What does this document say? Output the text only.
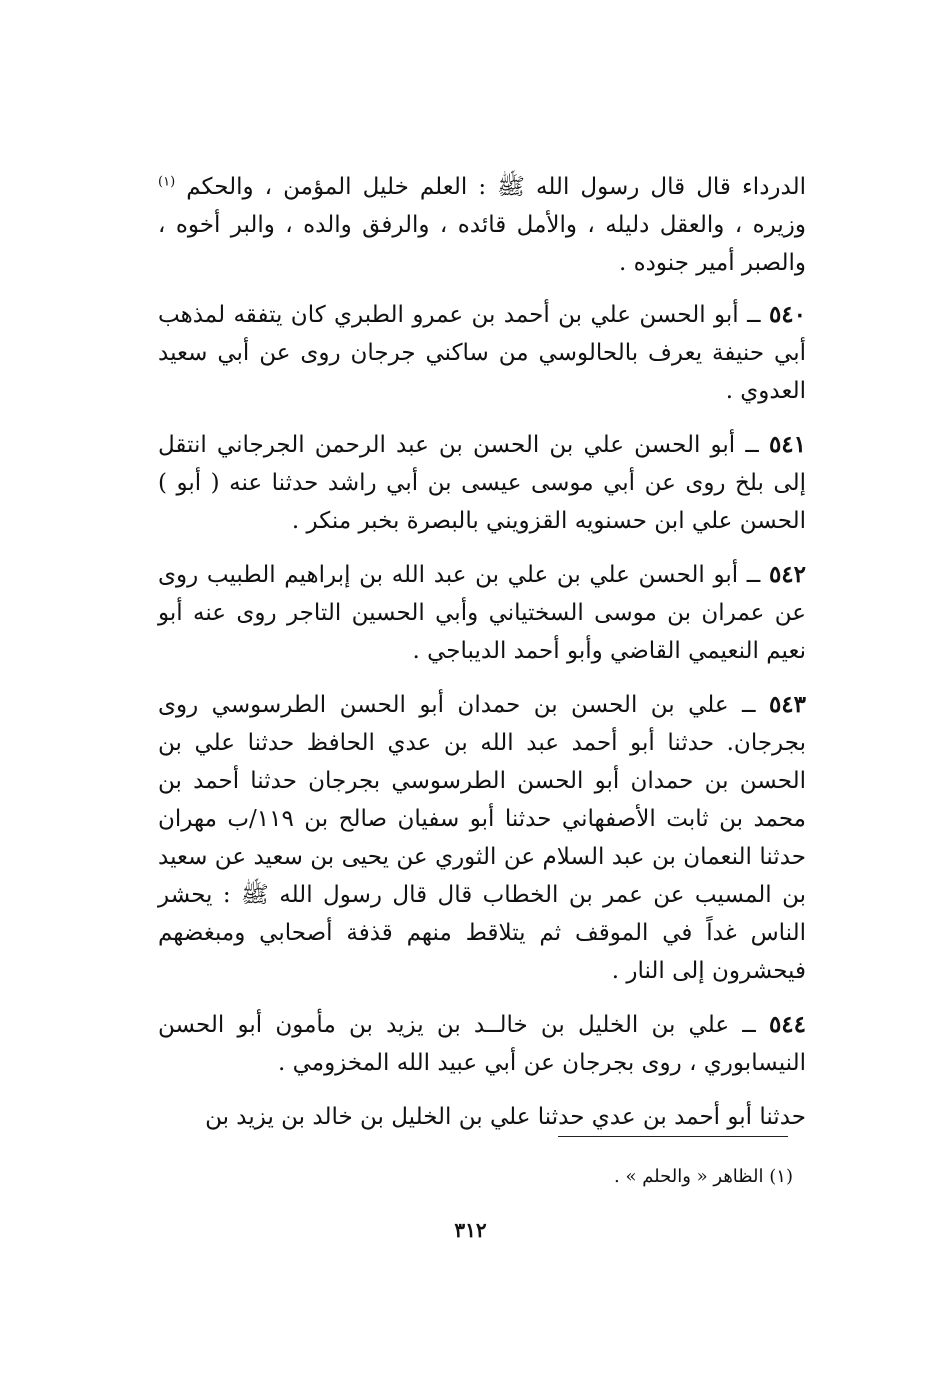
الدرداء قال قال رسول الله ﷺ : العلم خليل المؤمن ، والحكم $^{(١)}$ وزيره ، والعقل دليله ، والأمل قائده ، والرفق والده ، والبر أخوه ، والصبر أمير جنوده .

٥٤٠ ــ أبو الحسن علي بن أحمد بن عمرو الطبري كان يتفقه لمذهب أبي حنيفة يعرف بالحالوسي من ساكني جرجان روى عن أبي سعيد العدوي .

٥٤١ ــ أبو الحسن علي بن الحسن بن عبد الرحمن الجرجاني انتقل إلى بلخ روى عن أبي موسى عيسى بن أبي راشد حدثنا عنه ( أبو ) الحسن علي ابن حسنويه القزويني بالبصرة بخبر منكر .

٥٤٢ ــ أبو الحسن علي بن علي بن عبد الله بن إبراهيم الطبيب روى عن عمران بن موسى السختياني وأبي الحسين التاجر روى عنه أبو نعيم النعيمي القاضي وأبو أحمد الديباجي .

٥٤٣ ــ علي بن الحسن بن حمدان أبو الحسن الطرسوسي روى بجرجان. حدثنا أبو أحمد عبد الله بن عدي الحافظ حدثنا علي بن الحسن بن حمدان أبو الحسن الطرسوسي بجرجان حدثنا أحمد بن محمد بن ثابت الأصفهاني حدثنا أبو سفيان صالح بن ١١٩/ب مهران حدثنا النعمان بن عبد السلام عن الثوري عن يحيى بن سعيد عن سعيد بن المسيب عن عمر بن الخطاب قال قال رسول الله ﷺ : يحشر الناس غداً في الموقف ثم يتلاقط منهم قذفة أصحابي ومبغضهم فيحشرون إلى النار .

٥٤٤ ــ علي بن الخليل بن خالــد بن يزيد بن مأمون أبو الحسن النيسابوري ، روى بجرجان عن أبي عبيد الله المخزومي .

حدثنا أبو أحمد بن عدي حدثنا علي بن الخليل بن خالد بن يزيد بن

(١) الظاهر « والحلم » .
٣١٢
